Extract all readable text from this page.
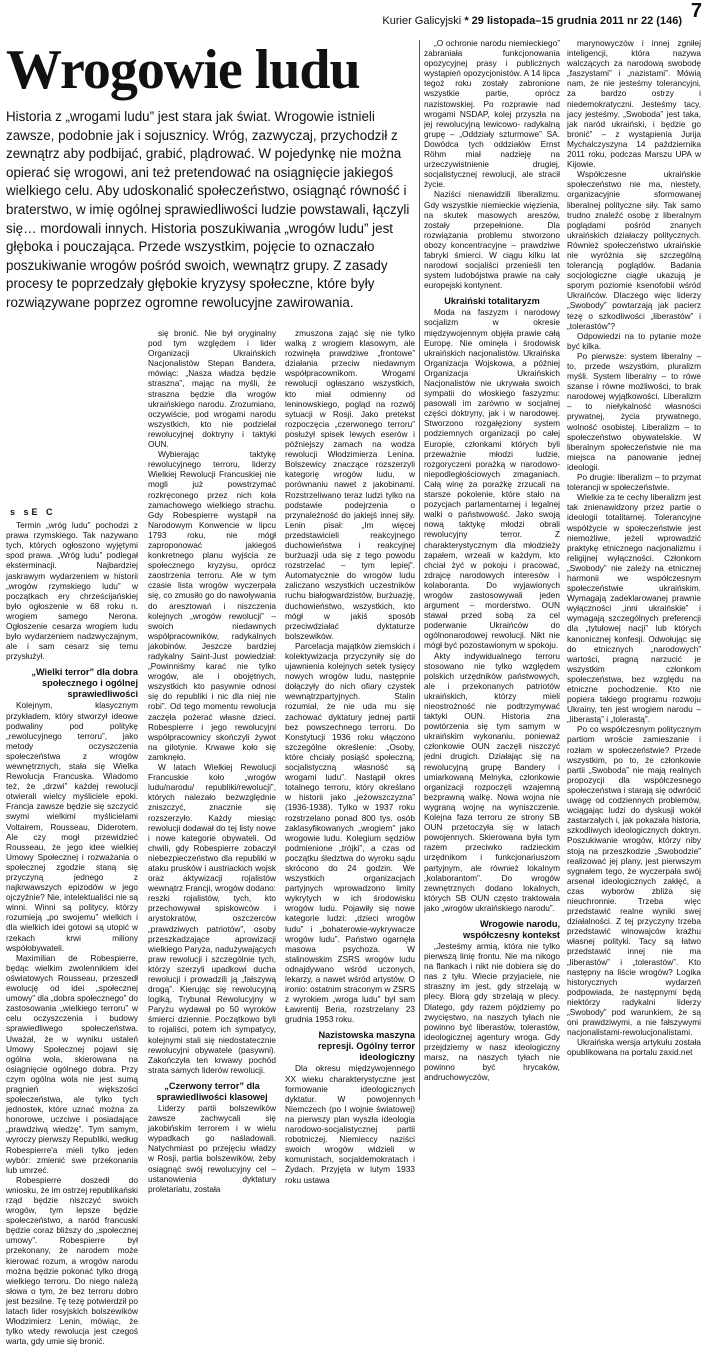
Kurier Galicyjski * 29 listopada–15 grudnia 2011 nr 22 (146) 7
Wrogowie ludu

Historia z „wrogami ludu” jest stara jak świat. Wrogowie istnieli zawsze, podobnie jak i sojusznicy. Wróg, zazwyczaj, przychodził z zewnątrz aby podbijać, grabić, plądrować. W pojedynkę nie można opierać się wrogowi, ani też pretendować na osiągnięcie jakiegoś wielkiego celu. Aby udoskonalić społeczeństwo, osiągnąć równość i braterstwo, w imię ogólnej sprawiedliwości ludzie powstawali, łączyli się… mordowali innych. Historia poszukiwania „wrogów ludu” jest głęboka i pouczająca. Przede wszystkim, pojęcie to oznaczało poszukiwanie wrogów pośród swoich, wewnątrz grupy. Z zasady procesy te poprzedzały głębokie kryzysy społeczne, które były rozwiązywane poprzez ogromne rewolucyjne zawirowania.

s sE C

Termin „wróg ludu” pochodzi z prawa rzymskiego. Tak nazywano tych, których ogłoszono wyjętymi spod prawa. „Wróg ludu” podlegał eksterminacji. Najbardziej jaskrawym wydarzeniem w historii „wrogów rzymskiego ludu” w początkach ery chrześcijańskiej było ogłoszenie w 68 roku n. wrogiem samego Nerona. Ogłoszenie cesarza wrogiem ludu było wydarzeniem nadzwyczajnym, ale i sam cesarz się temu przysłużył.

„Wielki terror” dla dobra społecznego i ogólnej sprawiedliwości

Kolejnym, klasycznym przykładem, który stworzył ideowe podwaliny pod politykę „rewolucyjnego terroru”, jako metody oczyszczenia społeczeństwa z wrogów wewnętrznych, stała się Wielka Rewolucja Francuska. Wiadomo też, że „drzwi” każdej rewolucji otwierali wielcy myśliciele epoki. Francja zawsze będzie się szczycić swymi wielkimi myślicielami Voltairem, Rousseau, Diderotem. Ale czy mogł przewidzieć Rousseau, że jego idee wielkiej Umowy Społecznej i rozważania o społecznej zgodzie staną się przyczyną jednego z najkrwawszych epizodów w jego ojczyźnie? Nie, intelektualiści nie są winni. Winni są politycy, którzy rozumieją „po swojemu” wielkich i dla wielkich idei gotowi są utopić w rzekach krwi miliony współobywateli.

Maximilian de Robespierre, będąc wielkim zwolennikiem idei oświatowych Rousseau, przeszedł ewolucję od idei „społecznej umowy” dla „dobra społecznego” do zastosowania „wielkiego terroru” w celu oczyszczenia i budowy sprawiedliwego społeczeństwa. Uważał, że w wyniku ustaleń Umowy Społecznej pojawi się ogólna wola, skierowana na osiągnięcie ogólnego dobra. Przy czym ogólna wola nie jest sumą pragnień większości społeczeństwa, ale tylko tych jednostek, które uznać można za honorowe, uczciwe i posiadające „prawdziwą wiedzę”. Tym samym, wyroczy pierwszy Republiki, według Robespierre'a mieli tylko jeden wybór: zmienić swe przekonania lub umrzeć.

Robespierre doszedł do wniosku, że im ostrzej republikański rząd będzie niszczyć swoich wrogów, tym lepsze będzie społeczeństwo, a naród francuski będzie coraz bliższy do „społecznej umowy”. Robespierre był przekonany, że narodem może kierować rozum, a wrogów narodu można będzie pokonać tylko drogą wielkiego terroru. Do niego należą słowa o tym, że bez terroru dobro jest bezsilne. Tę tezę potwierdził po latach lider rosyjskich bolszewików Włodzimierz Lenin, mówiąc, że tylko wtedy rewolucja jest czegoś warta, gdy umie się bronić.

się bronić. Nie był oryginalny pod tym względem i lider Organizacji Ukraińskich Nacjonalistów Stepan Bandera, mówiąc: „Nasza władza będzie straszna”, mając na myśli, że straszna będzie dla wrogów ukraińskiego narodu. Zrozumiano, oczywiście, pod wrogami narodu wszystkich, kto nie podzielał rewolucyjnej doktryny i taktyki OUN.

Wybierając taktykę rewolucyjnego terroru, liderzy Wielkiej Rewolucji Francuskiej nie mogli już powstrzymać rozkręconego przez nich koła zamachowego wielkiego strachu. Gdy Robespierre wystąpił na Narodowym Konwencie w lipcu 1793 roku, nie mógł zaproponować jakiegoś konkretnego planu wyjścia ze społecznego kryzysu, oprócz zaostrzenia terroru. Ale w tym czasie lista wrogów wyczerpała się, co zmusiło go do nawoływania do aresztowań i niszczenia kolejnych „wrogów rewolucji” – swoich niedawnych współpracowników, radykalnych jakobinów. Jeszcze bardziej radykalny Saint-Just powiedział: „Powinniśmy karać nie tylko wrogów, ale i obojętnych, wszystkich kto pasywnie odnosi się do republiki i nic dla niej nie robi”. Od tego momentu rewolucja zaczęła pożerać własne dzieci. Robespierre i jego rewolucyjni współpracownicy skończyli żywot na gilotynie. Krwawe koło się zamknęło.

W latach Wielkiej Rewolucji Francuskie koło „wrogów ludu/narodu/ republiki/rewolucji”, których nalezało bezwzględnie zniszczyć, znacznie się rozszerzyło. Każdy miesiąc rewolucji dodawał do tej listy nowe i nowe kategorie obywateli. Od chwili, gdy Robespierre zobaczył niebezpieczeństwo dla republiki w ataku prusków i austriackich wojsk oraz aktywizacji rojalistów wewnątrz Francji, wrogów dodano: reszki rojalistów, tych, kto przechowywał spiskowców i arystokratów, oszczerców „prawdziwych patriotów”, osoby przeszkadzające aprowizacji wielkiego Paryża, nadużywających praw rewolucji i szczególnie tych, którzy szerzyli upadkowi ducha rewolucji i prowadzili ją „fałszywą drogą”. Kierując się rewolucyjną logiką, Trybunał Rewolucyjny w Paryżu wydawał po 50 wyroków śmierci dziennie. Początkowo byli to rojaliści, potem ich sympatycy, kolejnymi stali się niedostatecznie rewolucyjni obywatele (pasywni). Zakończyła ten krwawy pochód strata samych liderów rewolucji.

„Czerwony terror” dla sprawiedliwości klasowej

Liderzy partii bolszewików zawsze zachwycali się jakobińskim terrorem i w wielu wypadkach go naśladowali. Natychmiast po przejęciu władzy w Rosji, partia bolszewików, żeby osiągnąć swój rewolucyjny cel – ustanowienia dyktatury proletariatu, została

zmuszona zająć się nie tylko walką z wrogiem klasowym, ale rozwinęła prawdziwe „frontowe” działania przeciw niedawnym współpracownikom. Wrogami rewolucji ogłaszano wszystkich, kto miał odmienny od leninowskiego, pogląd na rozwój sytuacji w Rosji. Jako pretekst rozpoczęcia „czerwonego terroru” posłużył spisek lewych eserów i późniejszy zamach na wodza rewolucji Włodzimierza Lenina. Bolszewicy znaczące rozszerzyli kategorię wrogów ludu, w porównaniu nawet z jakobinami. Rozstrzeliwano teraz ludzi tylko na podstawie podejrzenia o przynależność do jakiejś innej siły. Lenin pisał: „Im więcej przedstawicieli reakcyjnego duchowieństwa i reakcyjnej burżuazji uda się z tego powodu rozstrzelać – tym lepiej”. Automatycznie do wrogów ludu zaliczano wszystkich uczestników ruchu białogwardzistów, burżuazję, duchowieństwo, wszystkich, kto mógł w jakiś sposób przeciwdziałać dyktaturze bolszewików.

Parcelacja majątków ziemskich i kolektywizacja przyczyniły się do ujawnienia kolejnych setek tysięcy nowych wrogów ludu, następnie dołączyły do nich ofiary czystek wewnątrzpartyjnych. Stalin rozumiał, że nie uda mu się zachować dyktatury jednej partii bez powszechnego terroru. Do Konstytucji 1936 roku włączono szczególne określenie: „Osoby, które chciały posiąść społeczną, socjalistyczną własność są wrogami ludu”. Nastąpił okres totalnego terroru, który określano w historii jako „jeżowszczyzna” (1936-1938). Tylko w 1937 roku rozstrzelano ponad 800 tys. osób zaklasyfikowanych „wrogiem” jako wrogowie ludu. Kolegium sędziów podmienione „trójki”, a czas od początku śledztwa do wyroku sądu skrócono do 24 godzin. We wszystkich organizacjach partyjnych wprowadzono limity wykrytych w ich środowisku wrogów ludu. Pojawiły się nowe kategorie ludzi: „dzieci wrogów ludu” i „bohaterowie-wykrywacze wrogów ludu”. Państwo ogarnęła masowa psychoza. W stalinowskim ZSRS wrogów ludu odnajdywano wśród uczonych, lekarzy, a nawet wśród artystów. O ironio: ostatnim straconym w ZSRS z wyrokiem „wroga ludu” był sam Ławrentij Beria, rozstrzelany 23 grudnia 1953 roku.

Nazistowska maszyna represji. Ogólny terror ideologiczny

Dla okresu międzywojennego XX wieku charakterystyczne jest formowanie ideologicznych dyktatur. W powojennych Niemczech (po I wojnie światowej) na pierwszy plan wyszła ideologia narodowo-socjalistycznej partii robotniczej. Niemieccy naziści swoich wrogów widzieli w komunistach, socjaldemokratach i Żydach. Przyjęta w lutym 1933 roku ustawa

„O ochronie narodu niemieckiego” zabraniała funkcjonowania opozycyjnej prasy i publicznych wystąpień opozycjonistów. A 14 lipca tegoż roku zostały zabronione wszystkie partie, oprócz nazistowskiej. Po rozprawie nad wrogami NSDAP, kolej przyszła na jej rewolucyjną lewicowo- radykalną grupę – „Oddziały szturmowe” SA. Dowódca tych oddziałów Ernst Röhm miał nadzieję na urzeczywistnienie drugiej, socjalistycznej rewolucji, ale stracił życie.

Naziści nienawidzili liberalizmu. Gdy wszystkie niemieckie więzienia, na skutek masowych areszów, zostały przepełnione. Dla rozwiązania problemu stworzono obozy koncentracyjne – prawdziwe fabryki śmierci. W ciągu kilku lat narodowi socjaliści przenieśli ten system ludobójstwa prawie na cały europejski kontynent.

Ukraiński totalitaryzm

Moda na faszyzm i narodowy socjalizm w okresie międzywojennym objęła prawie całą Europę. Nie ominęła i środowisk ukraińskich nacjonalistów. Ukraińska Organizacja Wojskowa, a później Organizacja Ukraińskich Nacjonalistów nie ukrywała swoich sympatii do włoskiego faszyzmu: pasowali im zarówno w socjalnej części doktryny, jak i w narodowej. Stworzono rozgałęziony system podziemnych organizacji po całej Europie, członkami których byli przeważnie młodzi ludzie, rozgoryczeni porażką w narodowo-niepodległościowych zmaganiach. Całą winę za porażkę zrzucali na starsze pokolenie, które stało na pozycjach parlamentarnej i legalnej walki o państwowość. Jako swoją nową taktykę młodzi obrali rewolucyjny terror. Z charakterystycznym dla młodzieży zapałem, wrzeali w każdym, kto chciał żyć w pokoju i pracować, zdrajcę narodowych interesów i kolaboranta. Do wyjawionych wrogów zastosowywali jeden argument – morderstwo. OUN stawał przed sobą za cel poderwanie Ukraińców do ogólnonarodowej rewolucji. Nikt nie mógł być pozostawionym w spokoju.

Akty indywidualnego terroru stosowano nie tylko względem polskich urzędników państwowych, ale i przekonanych patriotów ukraińskich, którzy mieli nieostrożność nie podtrzymywać taktyki OUN. Historia zna powtórzenia się tym samym w ukraińskim wykonaniu, ponieważ członkowie OUN zaczęli niszczyć jedni drugich. Działając się na rewolucyjną grupę Bandery i umiarkowaną Melnyka, członkowie organizacji rozpoczęli wzajemną bezprawną walkę. Nowa wojna nie wygraną wojnę na wyniszczenie. Kolejna faza terroru ze strony SB OUN przetoczyła się w latach powojennych. Skierowana była tym razem przeciwko radzieckim urzędnikom i funkcjonariuszom partyjnym, ale również lokalnym „kolaborantom”. Do wrogów zewnętrznych dodano lokalnych, których SB OUN często traktowała jako „wrogów ukraińskiego narodu”.

Wrogowie narodu, współczesny kontekst

„Jesteśmy armią, która nie tylko pierwszą linię frontu. Nie ma nikogo na flankach i nikt nie dobiera się do nas z tyłu. Wiecie przyjaciele, nie straszny im jest, gdy strzelają w plecy. Biorą gdy strzelają w plecy. Dlatego, gdy razem pójdziemy po zwycięstwo, na naszych tyłach nie powinno być liberastów, tolerastów, ideologicznej agentury wroga. Gdy przejdziemy w nasz ideologiczny marsz, na naszych tyłach nie powinno być hrycaków, andruchowyczów,

marynowyczów i innej zgniłej inteligencji, która nazywa walczących za narodową swobodę „faszystami” i „nazistami”. Mówią nam, że nie jesteśmy tolerancyjni, za bardzo ostrzy i niedemokratyczni. Jesteśmy tacy, jacy jesteśmy. „Swoboda” jest taka, jak naród ukraiński, i będzie go bronić” – z wystąpienia Jurija Mychalczyszyna 14 października 2011 roku, podczas Marszu UPA w Kijowie.

Współczesne ukraińskie społeczeństwo nie ma, niestety, organizacyjnie sformowanej liberalnej polityczne siły. Tak samo trudno znaleźć osobę z liberalnym poglądami pośród znanych ukraińskich działaczy politycznych. Również społeczeństwo ukraińskie nie wyróżnia się szczególną tolerancją poglądów. Badania socjologiczne ciągle ukazują je sporym poziomie ksenofobii wśród Ukraińców. Dlaczego więc liderzy „Swobody” powtarzają jak pacierz tezę o szkodliwości „liberastów” i „tolerastów”?

Odpowiedzi na to pytanie może być kilka.

Po pierwsze: system liberalny – to, przede wszystkim, pluralizm myśli. System liberalny – to rówe szanse i równe możliwości, to brak narodowej wyjątkowości. Liberalizm – to niełykalność własności prywatnej, życia prywatnego, wolność osobistej. Liberalizm – to społeczeństwo obywatelskie. W liberalnym społeczeństwie nie ma miejsca na panowanie jednej ideologii.

Po drugie: liberalizm – to przymat tolerancji w społeczeństwie.

Wielkie za te cechy liberalizm jest tak znienawidzony przez partie o ideologii totalitarnej. Tolerancyjne współżycie w społeczeństwie jest niemożliwe, jeżeli wprowadzić praktykę etnicznego nacjonalizmu i religijnej wyłączności. Członkom „Swobody” nie zależy na etnicznej harmonii we współczesnym społeczeństwie ukraińskim. Wymagają zadeklarowanej prawnie wyłączności „inni ukraińskie” i wymagają szczególnych preferencji dla „tytułowej nacji” lub których kanonicznej konfesji. Odwołując się do etnicznych „narodowych” wartości, pragną narzucić je wszystkim członkom społeczeństwa, bez względu na etniczne pochodzenie. Kto nie popiera takiego programu rozwoju Ukrainy, ten jest wrogiem narodu – „liberastą” i „tolerastą”.

Po co współczesnym politycznym partiom wroście zamieszanie i rozłam w społeczeństwie? Przede wszystkim, po to, że członkowie partii „Swoboda” nie mają realnych propozycji dla współczesnego społeczeństwa i starają się odwrócić uwagę od codziennych problemów, wciągając ludzi do dyskusji wokół zastarzałych i, jak pokazała historia, szkodliwych ideologicznych doktryn. Poszukiwanie wrogów, którzy niby stoją na przeszkodzie „Swobodzie” realizować jej plany, jest pierwszym sygnałem tego, że wyczerpała swój arsenał ideologicznych zakłęć, a czas wyborów zbliża się nieuchronnie. Trzeba więc przedstawić realne wyniki swej działalności. Z tej przyczyny trzeba przedstawić winowajców kraźhu własnej polityki. Tacy są łatwo przedstawić innej nie ma „liberastów” i „tolerastów”. Kto następny na liście wrogów? Logika historycznych wydarzeń podpowiada, że następnymi będą niektórzy radykalni liderzy „Swobody” pod warunkiem, że są oni prawdziwymi, a nie fałszywymi nacjonalistami-rewolucjonalistami.

Ukraińska wersja artykułu została opublikowana na portalu zaxid.net
